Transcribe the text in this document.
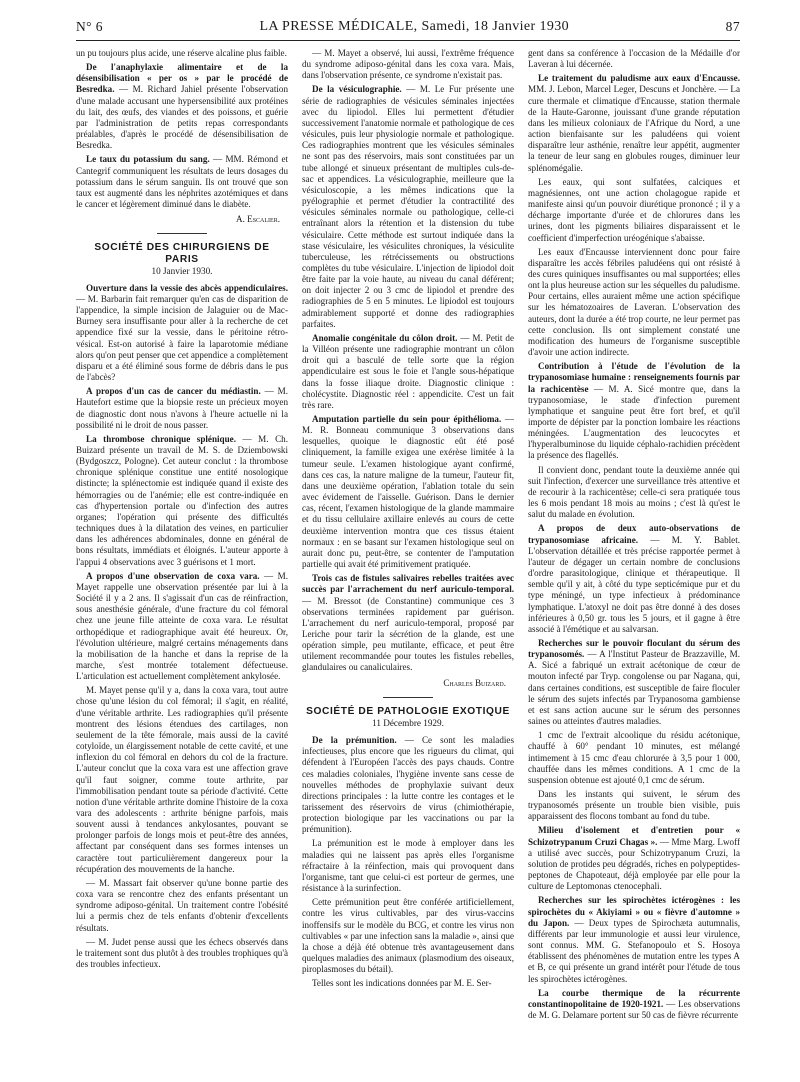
N° 6	LA PRESSE MÉDICALE, Samedi, 18 Janvier 1930	87

un pu toujours plus acide, une réserve alcaline plus faible.

De l'anaphylaxie alimentaire et de la désensibilisation « per os » par le procédé de Besredka. — M. Richard Jahiel présente l'observation d'une malade accusant une hypersensibilité aux protéines du lait, des œufs, des viandes et des poissons, et guérie par l'administration de petits repas correspondants préalables, d'après le procédé de désensibilisation de Besredka.

Le taux du potassium du sang. — MM. Rémond et Cantegrif communiquent les résultats de leurs dosages du potassium dans le sérum sanguin. Ils ont trouvé que son taux est augmenté dans les néphrites azotémiques et dans le cancer et légèrement diminué dans le diabète.

A. Escalier.
SOCIÉTÉ DES CHIRURGIENS DE PARIS
10 Janvier 1930.

Ouverture dans la vessie des abcès appendiculaires. — M. Barbarin fait remarquer qu'en cas de disparition de l'appendice, la simple incision de Jalaguier ou de Mac-Burney sera insuffisante pour aller à la recherche de cet appendice fixé sur la vessie, dans le péritoine rétro-vésical. Est-on autorisé à faire la laparotomie médiane alors qu'on peut penser que cet appendice a complètement disparu et a été éliminé sous forme de débris dans le pus de l'abcès?

A propos d'un cas de cancer du médiastin. — M. Hautefort estime que la biopsie reste un précieux moyen de diagnostic dont nous n'avons à l'heure actuelle ni la possibilité ni le droit de nous passer.

La thrombose chronique splénique. — M. Ch. Buizard présente un travail de M. S. de Dziembowski (Bydgoszcz, Pologne). Cet auteur conclut : la thrombose chronique splénique constitue une entité nosologique distincte; la splénectomie est indiquée quand il existe des hémorragies ou de l'anémie; elle est contre-indiquée en cas d'hypertension portale ou d'infection des autres organes; l'opération qui présente des difficultés techniques dues à la dilatation des veines, en particulier dans les adhérences abdominales, donne en général de bons résultats, immédiats et éloignés. L'auteur apporte à l'appui 4 observations avec 3 guérisons et 1 mort.

A propos d'une observation de coxa vara. — M. Mayet rappelle une observation présentée par lui à la Société il y a 2 ans. Il s'agissait d'un cas de réinfraction, sous anesthésie générale, d'une fracture du col fémoral chez une jeune fille atteinte de coxa vara. Le résultat orthopédique et radiographique avait été heureux. Or, l'évolution ultérieure, malgré certains ménagements dans la mobilisation de la hanche et dans la reprise de la marche, s'est montrée totalement défectueuse. L'articulation est actuellement complètement ankylosée.

M. Mayet pense qu'il y a, dans la coxa vara, tout autre chose qu'une lésion du col fémoral; il s'agit, en réalité, d'une véritable arthrite. Les radiographies qu'il présente montrent des lésions étendues des cartilages, non seulement de la tête fémorale, mais aussi de la cavité cotyloïde, un élargissement notable de cette cavité, et une inflexion du col fémoral en dehors du col de la fracture. L'auteur conclut que la coxa vara est une affection grave qu'il faut soigner, comme toute arthrite, par l'immobilisation pendant toute sa période d'activité. Cette notion d'une véritable arthrite domine l'histoire de la coxa vara des adolescents : arthrite bénigne parfois, mais souvent aussi à tendances ankylosantes, pouvant se prolonger parfois de longs mois et peut-être des années, affectant par conséquent dans ses formes intenses un caractère tout particulièrement dangereux pour la récupération des mouvements de la hanche.

— M. Massart fait observer qu'une bonne partie des coxa vara se rencontre chez des enfants présentant un syndrome adiposo-génital. Un traitement contre l'obésité lui a permis chez de tels enfants d'obtenir d'excellents résultats.

— M. Judet pense aussi que les échecs observés dans le traitement sont dus plutôt à des troubles trophiques qu'à des troubles infectieux.

— M. Mayet a observé, lui aussi, l'extrême fréquence du syndrome adiposo-génital dans les coxa vara. Mais, dans l'observation présente, ce syndrome n'existait pas.

De la vésiculographie. — M. Le Fur présente une série de radiographies de vésicules séminales injectées avec du lipiodol. Elles lui permettent d'étudier successivement l'anatomie normale et pathologique de ces vésicules, puis leur physiologie normale et pathologique. Ces radiographies montrent que les vésicules séminales ne sont pas des réservoirs, mais sont constituées par un tube allongé et sinueux présentant de multiples culs-de-sac et appendices. La vésiculographie, meilleure que la vésiculoscopie, a les mêmes indications que la pyélographie et permet d'étudier la contractilité des vésicules séminales normale ou pathologique, celle-ci entraînant alors la rétention et la distension du tube vésiculaire. Cette méthode est surtout indiquée dans la stase vésiculaire, les vésiculites chroniques, la vésiculite tuberculeuse, les rétrécissements ou obstructions complètes du tube vésiculaire. L'injection de lipiodol doit être faite par la voie haute, au niveau du canal déférent; on doit injecter 2 ou 3 cmc de lipiodol et prendre des radiographies de 5 en 5 minutes. Le lipiodol est toujours admirablement supporté et donne des radiographies parfaites.

Anomalie congénitale du côlon droit. — M. Petit de la Villéon présente une radiographie montrant un côlon droit qui a basculé de telle sorte que la région appendiculaire est sous le foie et l'angle sous-hépatique dans la fosse iliaque droite. Diagnostic clinique : cholécystite. Diagnostic réel : appendicite. C'est un fait très rare.

Amputation partielle du sein pour épithélioma. — M. R. Bonneau communique 3 observations dans lesquelles, quoique le diagnostic eût été posé cliniquement, la famille exigea une exérèse limitée à la tumeur seule. L'examen histologique ayant confirmé, dans ces cas, la nature maligne de la tumeur, l'auteur fit, dans une deuxième opération, l'ablation totale du sein avec évidement de l'aisselle. Guérison. Dans le dernier cas, récent, l'examen histologique de la glande mammaire et du tissu cellulaire axillaire enlevés au cours de cette deuxième intervention montra que ces tissus étaient normaux : en se basant sur l'examen histologique seul on aurait donc pu, peut-être, se contenter de l'amputation partielle qui avait été primitivement pratiquée.

Trois cas de fistules salivaires rebelles traitées avec succès par l'arrachement du nerf auriculo-temporal. — M. Bressot (de Constantine) communique ces 3 observations terminées rapidement par guérison. L'arrachement du nerf auriculo-temporal, proposé par Leriche pour tarir la sécrétion de la glande, est une opération simple, peu mutilante, efficace, et peut être utilement recommandée pour toutes les fistules rebelles, glandulaires ou canaliculaires.

Charles Buizard.
SOCIÉTÉ DE PATHOLOGIE EXOTIQUE
11 Décembre 1929.

De la prémunition. — Ce sont les maladies infectieuses, plus encore que les rigueurs du climat, qui défendent à l'Européen l'accès des pays chauds. Contre ces maladies coloniales, l'hygiène invente sans cesse de nouvelles méthodes de prophylaxie suivant deux directions principales : la lutte contre les contages et le tarissement des réservoirs de virus (chimiothérapie, protection biologique par les vaccinations ou par la prémunition).

La prémunition est le mode à employer dans les maladies qui ne laissent pas après elles l'organisme réfractaire à la réinfection, mais qui provoquent dans l'organisme, tant que celui-ci est porteur de germes, une résistance à la surinfection.

Cette prémunition peut être conférée artificiellement, contre les virus cultivables, par des virus-vaccins inoffensifs sur le modèle du BCG, et contre les virus non cultivables « par une infection sans la maladie », ainsi que la chose a déjà été obtenue très avantageusement dans quelques maladies des animaux (plasmodium des oiseaux, piroplasmoses du bétail).

Telles sont les indications données par M. E. Ser-

gent dans sa conférence à l'occasion de la Médaille d'or Laveran à lui décernée.

Le traitement du paludisme aux eaux d'Encausse. MM. J. Lebon, Marcel Leger, Descuns et Jonchère. — La cure thermale et climatique d'Encausse, station thermale de la Haute-Garonne, jouissant d'une grande réputation dans les milieux coloniaux de l'Afrique du Nord, a une action bienfaisante sur les paludéens qui voient disparaître leur asthénie, renaître leur appétit, augmenter la teneur de leur sang en globules rouges, diminuer leur splénomégalie.

Les eaux, qui sont sulfatées, calciques et magnésiennes, ont une action cholagogue rapide et manifeste ainsi qu'un pouvoir diurétique prononcé ; il y a décharge importante d'urée et de chlorures dans les urines, dont les pigments biliaires disparaissent et le coefficient d'imperfection uréogénique s'abaisse.

Les eaux d'Encausse interviennent donc pour faire disparaître les accès fébriles paludéens qui ont résisté à des cures quiniques insuffisantes ou mal supportées; elles ont la plus heureuse action sur les séquelles du paludisme. Pour certains, elles auraient même une action spécifique sur les hématozoaires de Laveran. L'observation des auteurs, dont la durée a été trop courte, ne leur permet pas cette conclusion. Ils ont simplement constaté une modification des humeurs de l'organisme susceptible d'avoir une action indirecte.

Contribution à l'étude de l'évolution de la trypanosomiase humaine : renseignements fournis par la rachicentèse — M. A. Sicé montre que, dans la trypanosomiase, le stade d'infection purement lymphatique et sanguine peut être fort bref, et qu'il importe de dépister par la ponction lombaire les réactions méningées. L'augmentation des leucocytes et l'hyperalbuminose du liquide céphalo-rachidien précèdent la présence des flagellés.

Il convient donc, pendant toute la deuxième année qui suit l'infection, d'exercer une surveillance très attentive et de recourir à la rachicentèse; celle-ci sera pratiquée tous les 6 mois pendant 18 mois au moins ; c'est là qu'est le salut du malade en évolution.

A propos de deux auto-observations de trypanosomiase africaine. — M. Y. Bablet. L'observation détaillée et très précise rapportée permet à l'auteur de dégager un certain nombre de conclusions d'ordre parasitologique, clinique et thérapeutique. Il semble qu'il y ait, à côté du type septicémique pur et du type méningé, un type infectieux à prédominance lymphatique. L'atoxyl ne doit pas être donné à des doses inférieures à 0,50 gr. tous les 5 jours, et il gagne à être associé à l'émétique et au salvarsan.

Recherches sur le pouvoir floculant du sérum des trypanosomés. — A l'Institut Pasteur de Brazzaville, M. A. Sicé a fabriqué un extrait acétonique de cœur de mouton infecté par Tryp. congolense ou par Nagana, qui, dans certaines conditions, est susceptible de faire floculer le sérum des sujets infectés par Trypanosoma gambiense et est sans action aucune sur le sérum des personnes saines ou atteintes d'autres maladies.

1 cmc de l'extrait alcoolique du résidu acétonique, chauffé à 60° pendant 10 minutes, est mélangé intimement à 15 cmc d'eau chlorurée à 3,5 pour 1 000, chauffée dans les mêmes conditions. A 1 cmc de la suspension obtenue est ajouté 0,1 cmc de sérum.

Dans les instants qui suivent, le sérum des trypanosomés présente un trouble bien visible, puis apparaissent des flocons tombant au fond du tube.

Milieu d'isolement et d'entretien pour « Schizotrypanum Cruzi Chagas ». — Mme Marg. Lwoff a utilisé avec succès, pour Schizotrypanum Cruzi, la solution de protides peu dégradés, riches en polypeptides-peptones de Chapoteaut, déjà employée par elle pour la culture de Leptomonas ctenocephali.

Recherches sur les spirochètes ictérogènes : les spirochètes du « Akiyiami » ou « fièvre d'automne » du Japon. — Deux types de Spirochæta autumnalis, différents par leur immunologie et aussi leur virulence, sont connus. MM. G. Stefanopoulo et S. Hosoya établissent des phénomènes de mutation entre les types A et B, ce qui présente un grand intérêt pour l'étude de tous les spirochètes ictérogènes.

La courbe thermique de la récurrente constantinopolitaine de 1920-1921. — Les observations de M. G. Delamare portent sur 50 cas de fièvre récurrente
